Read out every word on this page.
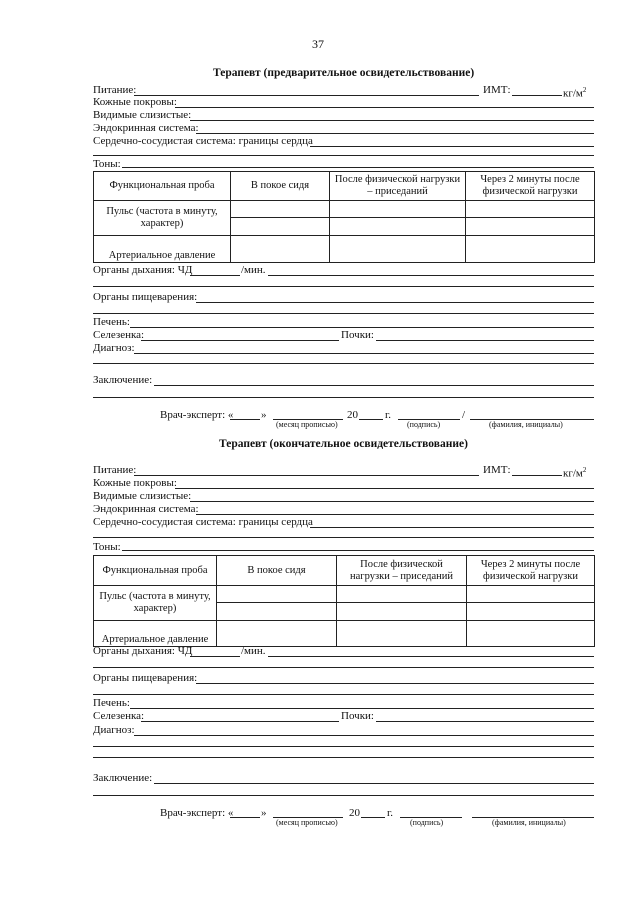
37
Терапевт (предварительное освидетельствование)
Питание:	ИМТ:	$кг/м^2$
Кожные покровы:
Видимые слизистые:
Эндокринная система:
Сердечно-сосудистая система: границы сердца
Тоны:
Функциональная проба	В покое сидя	После физической нагрузки – приседаний	Через 2 минуты после физической нагрузки
Пульс (частота в минуту, характер)	

Артериальное давление			
Органы дыхания: ЧД	/мин.
Органы пищеварения:
Печень:
Селезенка:	Почки:
Диагноз:
Заключение:
Врач-эксперт: «	»	20 г.	/
(месяц прописью)	(подпись)	(фамилия, инициалы)
Терапевт (окончательное освидетельствование)
Питание:	ИМТ:	$кг/м^2$
Кожные покровы:
Видимые слизистые:
Эндокринная система:
Сердечно-сосудистая система: границы сердца
Тоны:
Функциональная проба	В покое сидя	После физической нагрузки – приседаний	Через 2 минуты после физической нагрузки
Пульс (частота в минуту, характер)	

Артериальное давление			
Органы дыхания: ЧД	/мин.
Органы пищеварения:
Печень:
Селезенка:	Почки:
Диагноз:
Заключение:
Врач-эксперт: «	»	20 г.
(месяц прописью)	(подпись)	(фамилия, инициалы)
